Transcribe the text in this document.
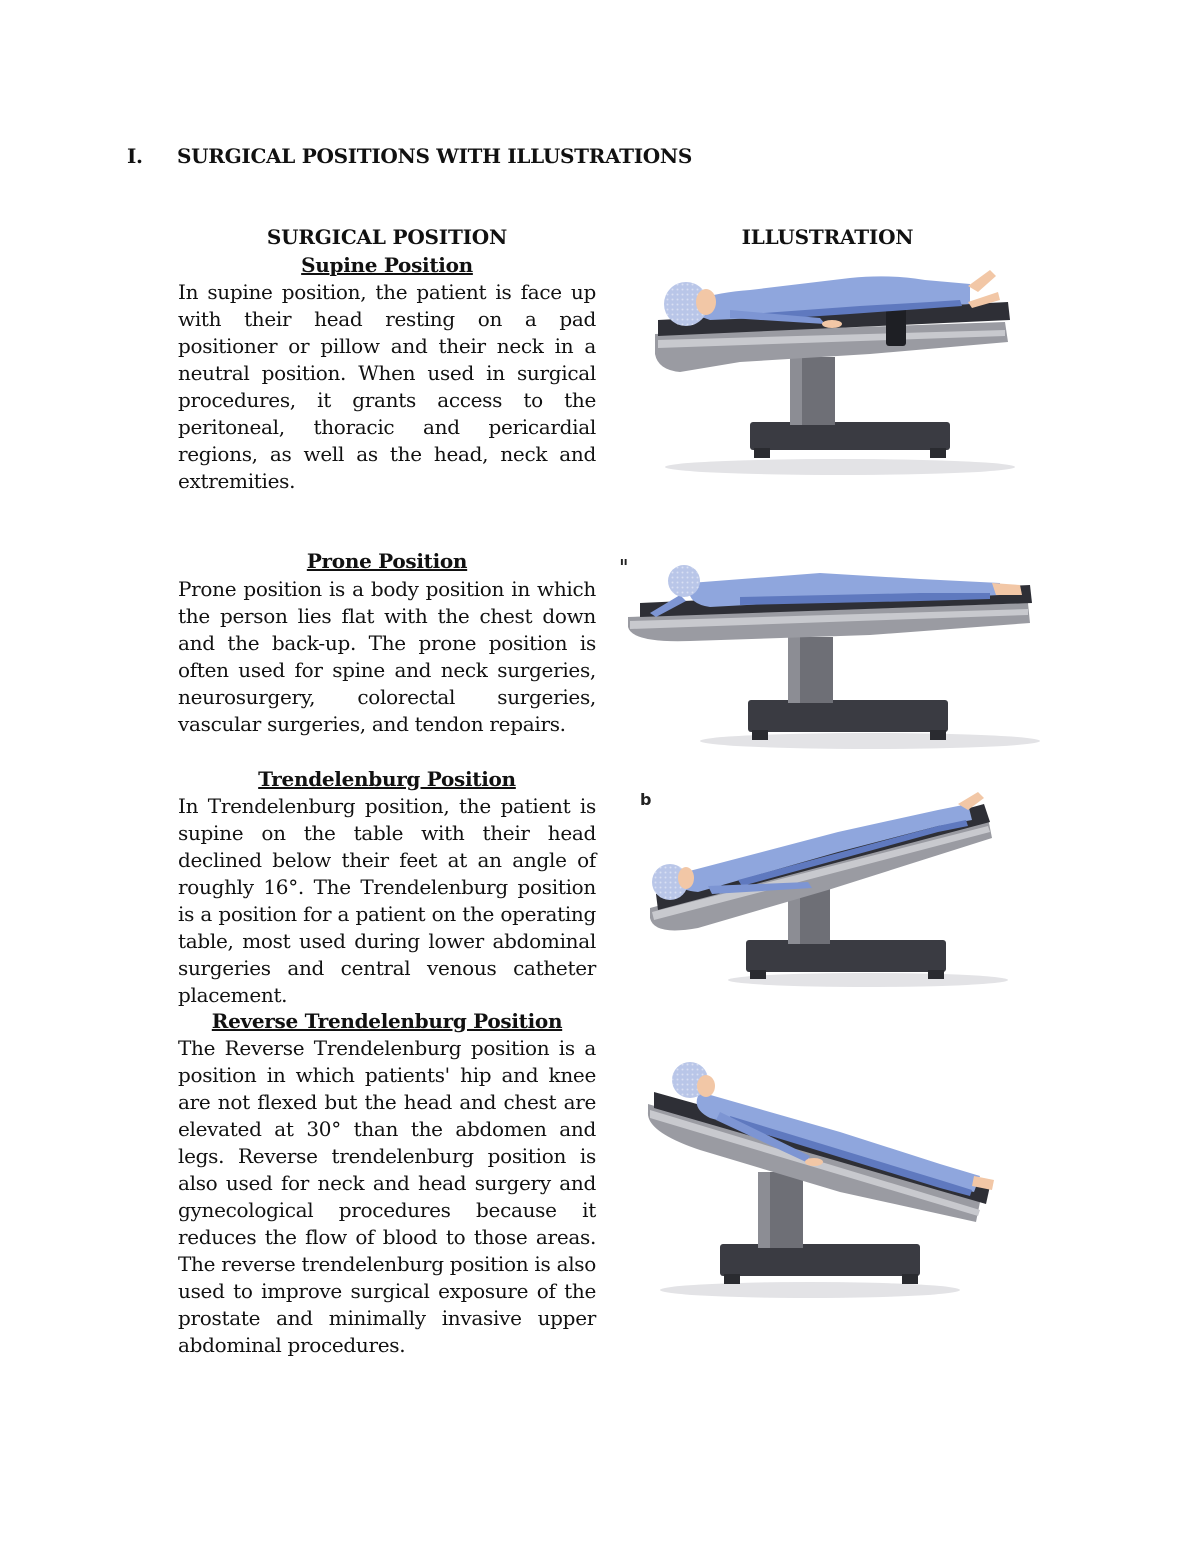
I. SURGICAL POSITIONS WITH ILLUSTRATIONS
SURGICAL POSITION	ILLUSTRATION
Supine Position
In supine position, the patient is face up with their head resting on a pad positioner or pillow and their neck in a neutral position. When used in surgical procedures, it grants access to the peritoneal, thoracic and pericardial regions, as well as the head, neck and extremities.
Prone Position
Prone position is a body position in which the person lies flat with the chest down and the back-up. The prone position is often used for spine and neck surgeries, neurosurgery, colorectal surgeries, vascular surgeries, and tendon repairs.
Trendelenburg Position
In Trendelenburg position, the patient is supine on the table with their head declined below their feet at an angle of roughly 16°. The Trendelenburg position is a position for a patient on the operating table, most used during lower abdominal surgeries and central venous catheter placement.
Reverse Trendelenburg Position
The Reverse Trendelenburg position is a position in which patients' hip and knee are not flexed but the head and chest are elevated at 30° than the abdomen and legs. Reverse trendelenburg position is also used for neck and head surgery and gynecological procedures because it reduces the flow of blood to those areas. The reverse trendelenburg position is also used to improve surgical exposure of the prostate and minimally invasive upper abdominal procedures.
ıı
b
